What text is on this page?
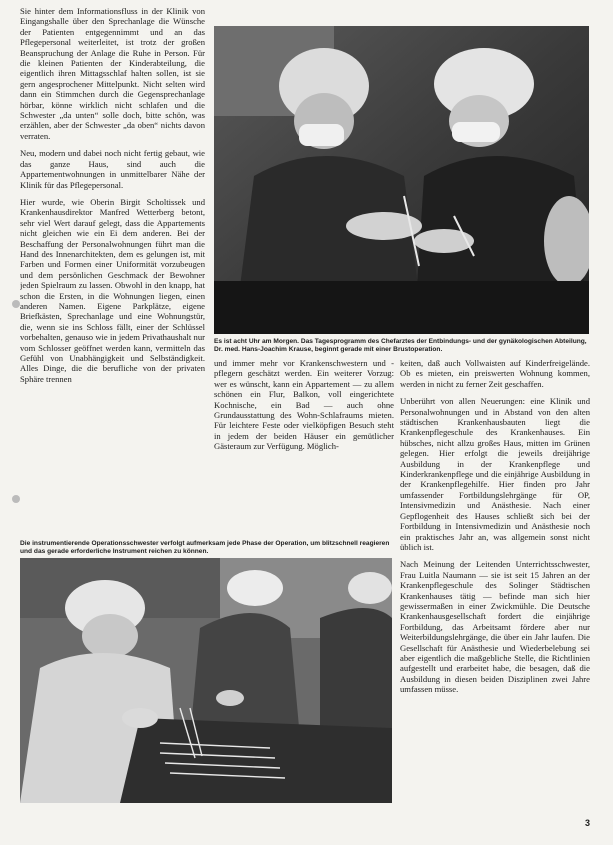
Sie hinter dem Informationsfluss in der Klinik von Eingangshalle über den Sprechanlage die Wünsche der Patienten entgegennimmt und an das Pflegepersonal weiterleitet, ist trotz der großen Beanspruchung der Anlage die Ruhe in Person. Für die kleinen Patienten der Kinderabteilung, die eigentlich ihren Mittagsschlaf halten sollen, ist sie gern angesprochener Mittelpunkt. Nicht selten wird dann ein Stimmchen durch die Gegensprechanlage hörbar, könne wirklich nicht schlafen und die Schwester „da unten“ solle doch, bitte schön, was erzählen, aber der Schwester „da oben“ nichts davon verraten.

Neu, modern und dabei noch nicht fertig gebaut, wie das ganze Haus, sind auch die Appartementwohnungen in unmittelbarer Nähe der Klinik für das Pflegepersonal.

Hier wurde, wie Oberin Birgit Scholtissek und Krankenhausdirektor Manfred Wetterberg betont, sehr viel Wert darauf gelegt, dass die Appartements nicht gleichen wie ein Ei dem anderen. Bei der Beschaffung der Personalwohnungen führt man die Hand des Innenarchitekten, dem es gelungen ist, mit Farben und Formen einer Uniformität vorzubeugen und dem persönlichen Geschmack der Bewohner jeden Spielraum zu lassen. Obwohl in den knapp, hat schon die Ersten, in die Wohnungen liegen, einen anderen Namen. Eigene Parkplätze, eigene Briefkästen, Sprechanlage und eine Wohnungstür, die, wenn sie ins Schloss fällt, einer der Schlüssel vorbehalten, genauso wie in jedem Privathaushalt nur vom Schlosser geöffnet werden kann, vermitteln das Gefühl von Unabhängigkeit und Selbständigkeit. Alles Dinge, die die berufliche von der privaten Sphäre trennen

Es ist acht Uhr am Morgen. Das Tagesprogramm des Chefarztes der Entbindungs- und der gynäkologischen Abteilung, Dr. med. Hans-Joachim Krause, beginnt gerade mit einer Brustoperation.

und immer mehr vor Krankenschwestern und -pflegern geschätzt werden. Ein weiterer Vorzug: wer es wünscht, kann ein Appartement — zu allem schönen ein Flur, Balkon, voll eingerichtete Kochnische, ein Bad — auch ohne Grundausstattung des Wohn-Schlafraums mieten. Für leichtere Feste oder vielköpfigen Besuch steht in jedem der beiden Häuser ein gemütlicher Gästeraum zur Verfügung. Möglich-

keiten, daß auch Vollwaisten auf Kinderfreigelände. Ob es mieten, ein preiswerten Wohnung kommen, werden in nicht zu ferner Zeit geschaffen.

Unberührt von allen Neuerungen: eine Klinik und Personalwohnungen und in Abstand von den alten städtischen Krankenhausbauten liegt die Krankenpflegeschule des Krankenhauses. Ein hübsches, nicht allzu großes Haus, mitten im Grünen gelegen. Hier erfolgt die jeweils dreijährige Ausbildung in der Krankenpflege und Kinderkrankenpflege und die einjährige Ausbildung in der Krankenpflegehilfe. Hier finden pro Jahr umfassender Fortbildungslehrgänge für OP, Intensivmedizin und Anästhesie. Nach einer Gepflogenheit des Hauses schließt sich bei der Fortbildung in Intensivmedizin und Anästhesie noch ein praktisches Jahr an, was allgemein sonst nicht üblich ist.

Nach Meinung der Leitenden Unterrichtsschwester, Frau Luitla Naumann — sie ist seit 15 Jahren an der Krankenpflegeschule des Solinger Städtischen Krankenhauses tätig — befinde man sich hier gewissermaßen in einer Zwickmühle. Die Deutsche Krankenhausgesellschaft fordert die einjährige Fortbildung, das Arbeitsamt fördere aber nur Weiterbildungslehrgänge, die über ein Jahr laufen. Die Gesellschaft für Anästhesie und Wiederbelebung sei aber eigentlich die maßgebliche Stelle, die Richtlinien aufgestellt und erarbeitet habe, die besagen, daß die Ausbildung in diesen beiden Disziplinen zwei Jahre umfassen müsse.

Die instrumentierende Operationsschwester verfolgt aufmerksam jede Phase der Operation, um blitzschnell reagieren und das gerade erforderliche Instrument reichen zu können.
3
